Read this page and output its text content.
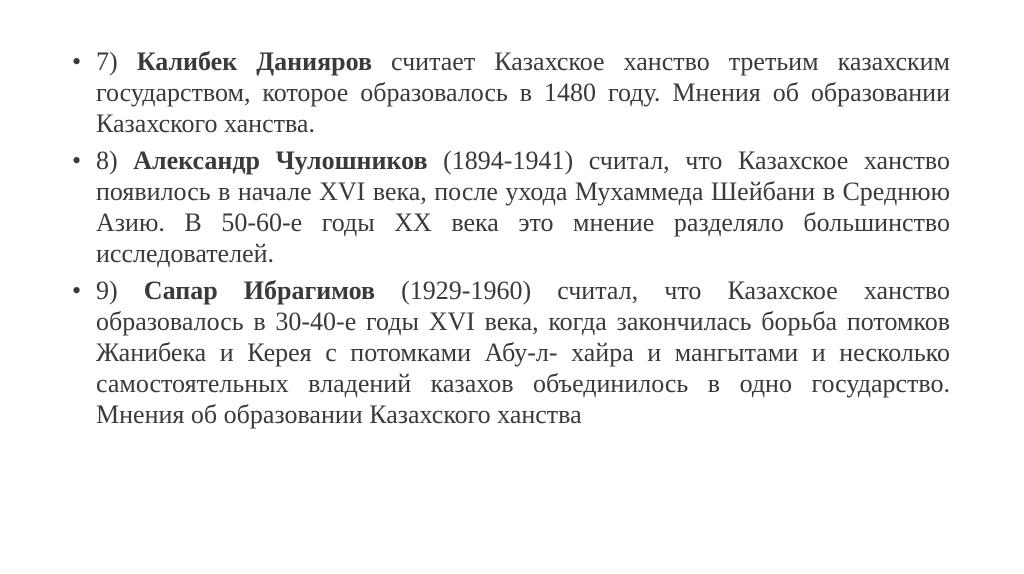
• 7) Калибек Данияров считает Казахское ханство третьим казахским государством, которое образовалось в 1480 году. Мнения об образовании Казахского ханства.
• 8) Александр Чулошников (1894-1941) считал, что Казахское ханство появилось в начале XVI века, после ухода Мухаммеда Шейбани в Среднюю Азию. В 50-60-е годы XX века это мнение разделяло большинство исследователей.
• 9) Сапар Ибрагимов (1929-1960) считал, что Казахское ханство образовалось в 30-40-е годы XVI века, когда закончилась борьба потомков Жанибека и Керея с потомками Абу-л- хайра и мангытами и несколько самостоятельных владений казахов объединилось в одно государство. Мнения об образовании Казахского ханства
